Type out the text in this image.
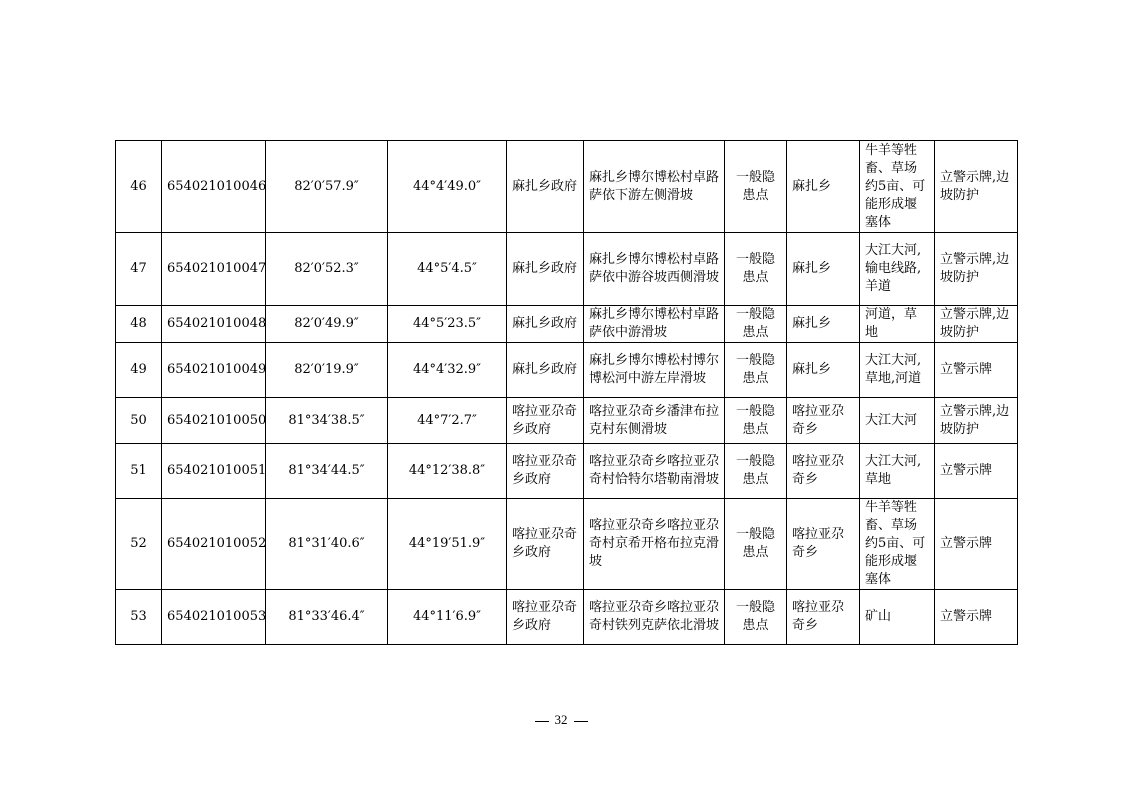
46	654021010046	82′0′57.9″	44°4′49.0″	麻扎乡政府	麻扎乡博尔博松村卓路萨依下游左侧滑坡	一般隐患点	麻扎乡	牛羊等牲畜、草场约5亩、可能形成堰塞体	立警示牌,边坡防护
47	654021010047	82′0′52.3″	44°5′4.5″	麻扎乡政府	麻扎乡博尔博松村卓路萨依中游谷坡西侧滑坡	一般隐患点	麻扎乡	大江大河,输电线路,羊道	立警示牌,边坡防护
48	654021010048	82′0′49.9″	44°5′23.5″	麻扎乡政府	麻扎乡博尔博松村卓路萨依中游滑坡	一般隐患点	麻扎乡	河道，草地	立警示牌,边坡防护
49	654021010049	82′0′19.9″	44°4′32.9″	麻扎乡政府	麻扎乡博尔博松村博尔博松河中游左岸滑坡	一般隐患点	麻扎乡	大江大河,草地,河道	立警示牌
50	654021010050	81°34′38.5″	44°7′2.7″	喀拉亚尕奇乡政府	喀拉亚尕奇乡潘津布拉克村东侧滑坡	一般隐患点	喀拉亚尕奇乡	大江大河	立警示牌,边坡防护
51	654021010051	81°34′44.5″	44°12′38.8″	喀拉亚尕奇乡政府	喀拉亚尕奇乡喀拉亚尕奇村恰特尔塔勒南滑坡	一般隐患点	喀拉亚尕奇乡	大江大河,草地	立警示牌
52	654021010052	81°31′40.6″	44°19′51.9″	喀拉亚尕奇乡政府	喀拉亚尕奇乡喀拉亚尕奇村京希开格布拉克滑坡	一般隐患点	喀拉亚尕奇乡	牛羊等牲畜、草场约5亩、可能形成堰塞体	立警示牌
53	654021010053	81°33′46.4″	44°11′6.9″	喀拉亚尕奇乡政府	喀拉亚尕奇乡喀拉亚尕奇村铁列克萨依北滑坡	一般隐患点	喀拉亚尕奇乡	矿山	立警示牌
32
